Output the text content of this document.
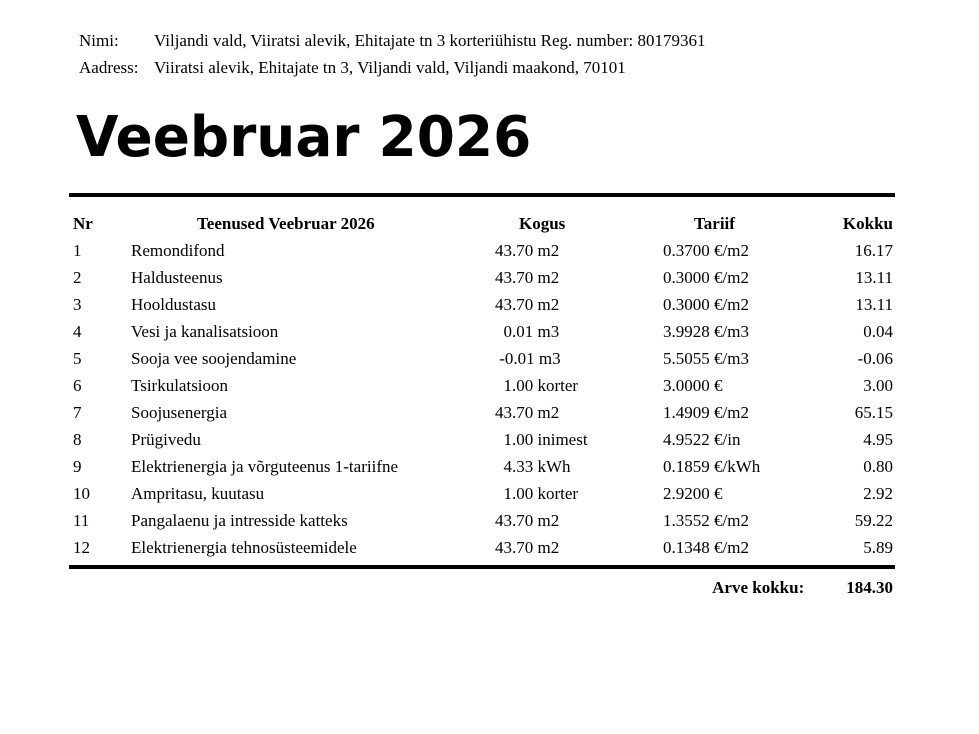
Nimi:	Viljandi vald, Viiratsi alevik, Ehitajate tn 3 korteriühistu Reg. number: 80179361
Aadress: Viiratsi alevik, Ehitajate tn 3, Viljandi vald, Viljandi maakond, 70101
Veebruar 2026
Nr	Teenused Veebruar 2026	Kogus	Tariif	Kokku
1	Remondifond	43.70 m2	0.3700 €/m2	16.17
2	Haldusteenus	43.70 m2	0.3000 €/m2	13.11
3	Hooldustasu	43.70 m2	0.3000 €/m2	13.11
4	Vesi ja kanalisatsioon	0.01 m3	3.9928 €/m3	0.04
5	Sooja vee soojendamine	-0.01 m3	5.5055 €/m3	-0.06
6	Tsirkulatsioon	1.00 korter	3.0000 €	3.00
7	Soojusenergia	43.70 m2	1.4909 €/m2	65.15
8	Prügivedu	1.00 inimest	4.9522 €/in	4.95
9	Elektrienergia ja võrguteenus 1-tariifne	4.33 kWh	0.1859 €/kWh	0.80
10	Ampritasu, kuutasu	1.00 korter	2.9200 €	2.92
11	Pangalaenu ja intresside katteks	43.70 m2	1.3552 €/m2	59.22
12	Elektrienergia tehnosüsteemidele	43.70 m2	0.1348 €/m2	5.89
Arve kokku: 184.30
